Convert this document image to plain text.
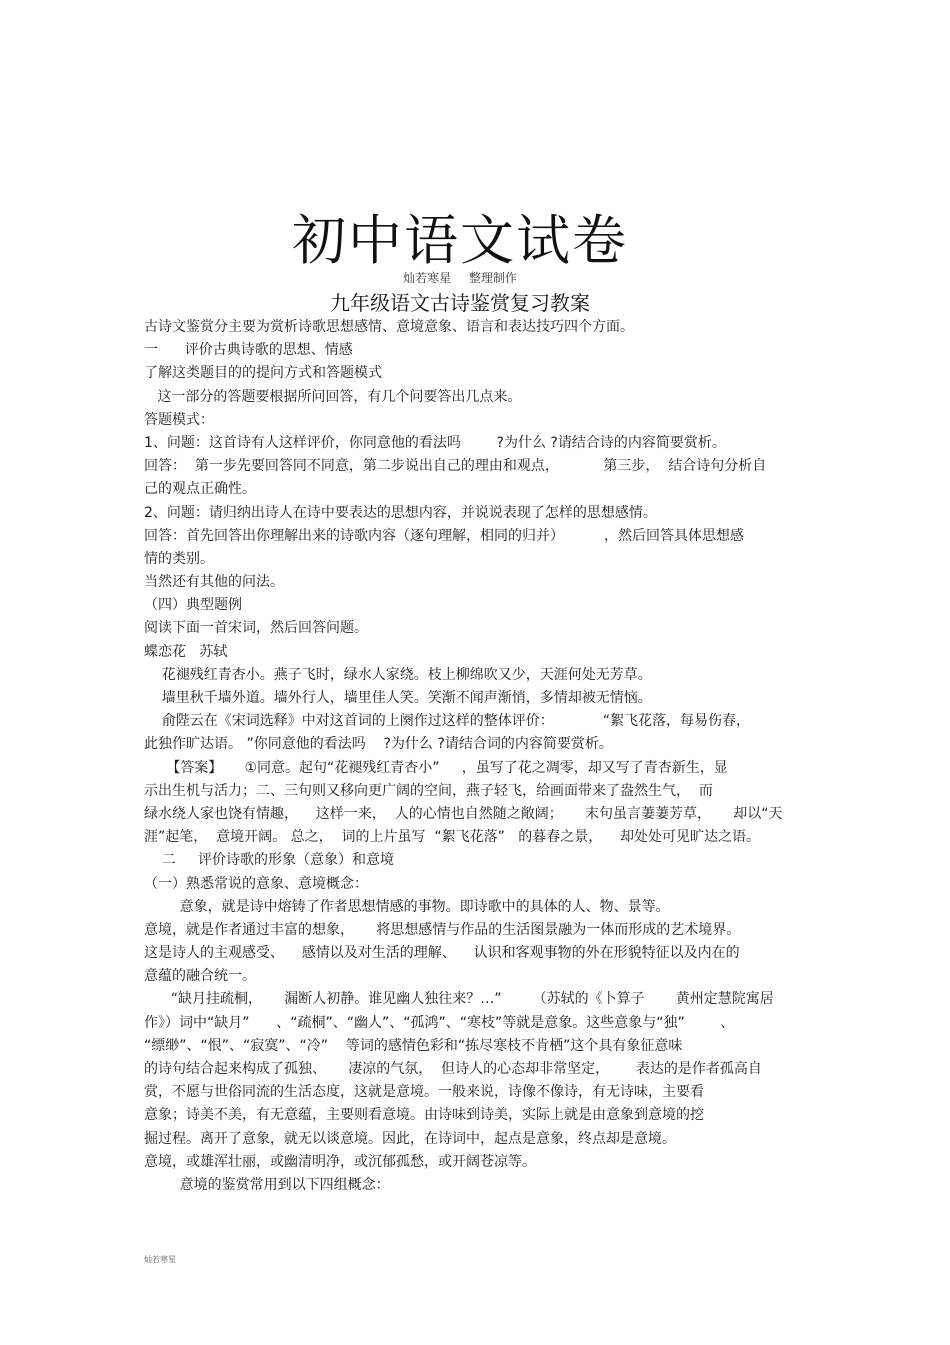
初中语文试卷
灿若寒星 整理制作
九年级语文古诗鉴赏复习教案
古诗文鉴赏分主要为赏析诗歌思想感情、意境意象、语言和表达技巧四个方面。
一      评价古典诗歌的思想、情感
了解这类题目的的提问方式和答题模式
这一部分的答题要根据所问回答，有几个问要答出几点来。
答题模式：
1、问题：这首诗有人这样评价，你同意他的看法吗        ?为什么 ?请结合诗的内容简要赏析。
回答：  第一步先要回答同不同意，第二步说出自己的理由和观点，          第三步，  结合诗句分析自
己的观点正确性。
2、问题：请归纳出诗人在诗中要表达的思想内容，并说说表现了怎样的思想感情。
回答：首先回答出你理解出来的诗歌内容（逐句理解，相同的归并）         ，然后回答具体思想感
情的类别。
当然还有其他的问法。
（四）典型题例
阅读下面一首宋词，然后回答问题。
蝶恋花   苏轼
花褪残红青杏小。燕子飞时，绿水人家绕。枝上柳绵吹又少，天涯何处无芳草。
墙里秋千墙外道。墙外行人，墙里佳人笑。笑渐不闻声渐悄，多情却被无情恼。
俞陛云在《宋词选释》中对这首词的上阕作过这样的整体评价：           “絮飞花落，每易伤春，
此独作旷达语。 ”你同意他的看法吗    ?为什么 ?请结合词的内容简要赏析。
【答案】     ①同意。起句“花褪残红青杏小”     ，虽写了花之凋零，却又写了青杏新生，显
示出生机与活力；二、三句则又移向更广阔的空间，燕子轻飞，给画面带来了盎然生气，  而
绿水绕人家也饶有情趣，    这样一来，  人的心情也自然随之敞阔；     末句虽言萋萋芳草，     却以“天
涯”起笔，  意境开阔。 总之，  词的上片虽写  “絮飞花落”   的暮春之景，    却处处可见旷达之语。
二     评价诗歌的形象（意象）和意境
（一）熟悉常说的意象、意境概念：
意象，就是诗中熔铸了作者思想情感的事物。即诗歌中的具体的人、物、景等。
意境，就是作者通过丰富的想象，     将思想感情与作品的生活图景融为一体而形成的艺术境界。
这是诗人的主观感受、    感情以及对生活的理解、    认识和客观事物的外在形貌特征以及内在的
意蕴的融合统一。
“缺月挂疏桐，     漏断人初静。谁见幽人独往来？…”       （苏轼的《卜算子       黄州定慧院寓居
作》）词中“缺月”      、“疏桐”、“幽人”、“孤鸿”、“寒枝”等就是意象。这些意象与“独”        、
“缥缈”、“恨”、“寂寞”、“冷”    等词的感情色彩和“拣尽寒枝不肯栖”这个具有象征意味
的诗句结合起来构成了孤独、     凄凉的气氛，  但诗人的心态却非常坚定，      表达的是作者孤高自
赏，不愿与世俗同流的生活态度，这就是意境。一般来说，诗像不像诗，有无诗味，主要看
意象；诗美不美，有无意蕴，主要则看意境。由诗味到诗美，实际上就是由意象到意境的挖
掘过程。离开了意象，就无以谈意境。因此，在诗词中，起点是意象，终点却是意境。
意境，或雄浑壮丽，或幽清明净，或沉郁孤愁，或开阔苍凉等。
意境的鉴赏常用到以下四组概念：
灿若寒星
